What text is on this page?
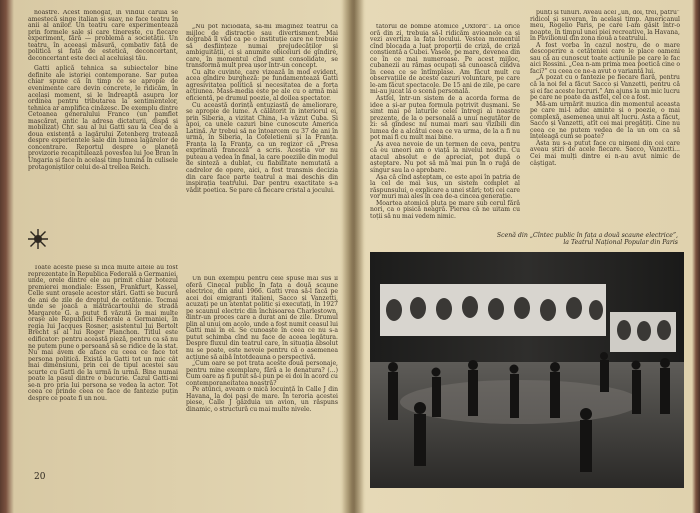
noastre. Acest monogaf, în vîndul căruia se amestecă singe italian și suav, ne face teatru în anii al anilor. Un teatru care experimentează prin formele sale și care tinerește, cu fiecare experiment, fără — problemă a societății. Un teatru, în aceeași măsură, combativ față de politică și față de estetică, deconcertant, deconcertant este deci al aceluiași tău.

Gatti aplică tehnica sa subiectelor bine definite ale istoriei contemporane. Sar putea chiar spune că în timp ce se apropie de evenimente care devin concrete, le ridicăm, în același moment, și le îndreaptă asupra lor ordinea pentru tributarea la sentimentelor, tehnica ar amplifica cinăzesc. De exemplu dintre Cetoanea generalului Franco (un pamflet mascărat, antic la adresa dictaturii, dispă și mobilizat) Chr. sau al lui Gatti sau la Cea de a doua existență a lagărului Zetenberg tratează despre experientele sale din lumea lagărelor de concentrare. Reportul despre o planetă provizorie recapitulează povestea lui Joe Bran în Ungaria și face în același timp lumină în culisele protagoniștilor celui de-al treilea Reich.

Toate aceste piese și încă multe altele au fost reprezentate în Republica Federală a Germaniei, unde, orele dintre ele au primit chiar botezul premierei mondiale: Essen, Frankfurt, Kassel, Celle sunt orașele acestor stări. Gatti se bucură de ani de zile de dreptul de cetățenie. Tocmai unde se joacă a mătrăcartoului de stradă Margarete G. a putut fi văzută în mai multe orașe ale Republicii Federale a Germaniei, în regia lui Jacques Rosner, asistentul lui Bertolt Brecht și al lui Roger Planchon. Titlul este edificator: pentru această pieză, pentru ca să nu ne putem pune o persoană să se ridice de la stat. Nu mai avem de aface cu ceea ce face tot persona politică. Există la Gatti tot un mic cât mai dimensiuni, prin cei de tipul acestei sau scurte cu Gatti de la urmă în urmă. Bine numai poate la pasul dintre o bucurie. Cazul Gatti-mi se-n pro pria lui persona se vedea la actor. Tot ceea ce prinde ceea ce face de fantezie puțin despre ce poate fi un nou.

„Nu pot niciodată, să-mi imaginez teatrul ca mijloc de distracție sau divertisment. Mai degrabă îl văd ca pe o instituție care ne trebuie să desființeze numai prejudecăților și ambiguității, ci și anumite obiceiuri de gîndire, care, în momentul cînd sunt consolidate, se transformă mult prea ușor într-un concept.

Cu alte cuvinte, care vizează în mod evident, acea gîndire burgheză: pe fundamentează Gatti agresivitatea politică și necesitatea de a forța acțiunea. Mass-media este pe ale cu o armă mai eficientă, pe drumul poezie, al doilea spectator.

Cu această dorință entuziastă de ameliorare, se apropie de lume. A călătorit în interiorul ei, prin Siberia, a vizitat China, l-a văzut Cuba. Și apoi, ca unele cazuri bine cunoscute America Latină. Ar trebui să ne întoarcem cu 37 de ani în urmă, în Siberia, la Cofeletienii și la Franța. Franța la Ia Franța, ca un regizor că „Presa exprimată franceză” a scris. Aceștia vor nu puteau a vedea în final, la care poeziile din modul de sinteză a dublat, cu fiabilitate nemutată a cadrelor de opere, aici, a fost transmis decizia din care face parte teatrul a mai deschis din inspirația teatrului. Dar pentru exactitate s-a vădit poetica. Se pare că fiecare cristal a jocului.

Un bun exemplu pentru cele spuse mai sus îl oferă Cinecal public în fața a două scaune electrice, din anul 1966. Gatti vrea să-l facă pe acei doi emigranți italieni, Sacco și Vanzetti, acuzați pe un atentat politic și executați, în 1927 pe scaunul electric din închisoarea Charlestown, dintr-un proces care a durat ani de zile. Drumul plin al unui om acolo, unde a fost numit ceasul lui Gatti mai în el. Se cunoaște în ceea ce nu s-a putut schimba cînd nu face de aceea legătura. Despre fluxul din teatrul care, în situația absolut nu se poate, este nevoie pentru că o asemenea acțiune să aibă întotdeauna o perspectivă.

„Cum oare se pot trata aceste două personaje, pentru mine exemplare, fără a le denatura? (...) Cum oare aș fi putut să-i pun pe ei doi în acord cu contemporaneitatea noastră?

Pe atunci, aveam o mică locuință în Calle J din Havana, la doi pași de mare. În teroria acestei piese, Calle J găzduia un avion, un răspuns dinamic, o structură cu mai multe nivele.

20

tătorul de bombe atomice „Oxford”. La orice oră din zi, trebuia să-l ridicăm avioanele ca și vezi avertiza la fața locului. Vestea momentul cînd blocada a luat proporții de criză, de criză conștientă a Cubei. Vasele, pe mare, devenea din ce în ce mai numeroase. Pe acest mijloc, cubanezii au rămas ocupați să cunoască cîndva în ceea ce se întîmplase. Am făcut mult cu observațiile de aceste cazuri voluntare, pe care le-am făcut spectacole. De 15 ani de zile, pe care mi-au jucat la o scenă personală.

Astfel, într-un sistem de a acorda forma de idee a și-ar putea formula potrivit dușmani. Se simt mai pe laturile celei întregi ai noastre prezente, de la o personală a unui neguțător de zi: să gîndesc nu numai mari sau vizibili din lumea de a alcătui ceea ce va urma, de la a fi nu pot mai fi cu mult mai bine.

Aș avea nevoie de un termen de ceva, pentru că eu uneori am o viață la nivelul nostru. Cu atacul absolut e de apreciat, pot după o așteptare. Nu pot să mă mai pun în o rugă de singur sau la o aprobare.

Așa că cînd așteptam, ce este apoi în patria de la cel de mai sus, un sistem complet al răspunsului, o explicare a unei stări; toți cei care vor muri mai ales în cea de-a cincea generație.

Moartea atomică pluta pe mare sub cerul fără nori, ca o pisică neagră. Pierea că ne uitam cu toții să nu mai vedem nimic.

punți și tunuri. Aveau acel „un, doi, trei, patru” ridicol și suveran, în același timp. Americanul meu, Rogelio Paris, pe care l-am găsit într-o noapte, în timpul unei piei recreative, la Havana, în Pavilionul din zona nouă a teatrului.

A fost vorba în cazul nostru, de o mare descoperire a cetățeniei care le place oameni sau că au cunoscut toate acțiunile pe care le fac aici Rossini. „Cea n-am prima mea poetică cine o faci?” cu ceea ce ne-a avut o variantă lui.

„A pozat cu o fantezie pe fiecare fiară, pentru că la noi fel a făcut Sacco și Vanzetti, pentru că și ei fac aceste lucruri.” Am ajuns la un mic lucru pe care ne poate da astfel, cel ce a fost.

Mă-am urmărit muzica din momentul aceasta pe care mi-l aduc aminte și o poezie, o mai complexă, asemenea unui alt lucru. Asta a făcut, Sacco și Vanzetti, atît cei mai pregătiți. Cine nu ceea ce ne putem vedea de la un om ca să înțeleagă cum se poate?

Asta nu s-a putut face cu nimeni din cei care aveau știri de acele fiecare. Sacco, Vanzetti... Cei mai mulți dintre ei n-au avut nimic de câștigat.

Scenă din „Cîntec public în fața a două scaune electrice”,
la Teatrul Național Popular din Paris
